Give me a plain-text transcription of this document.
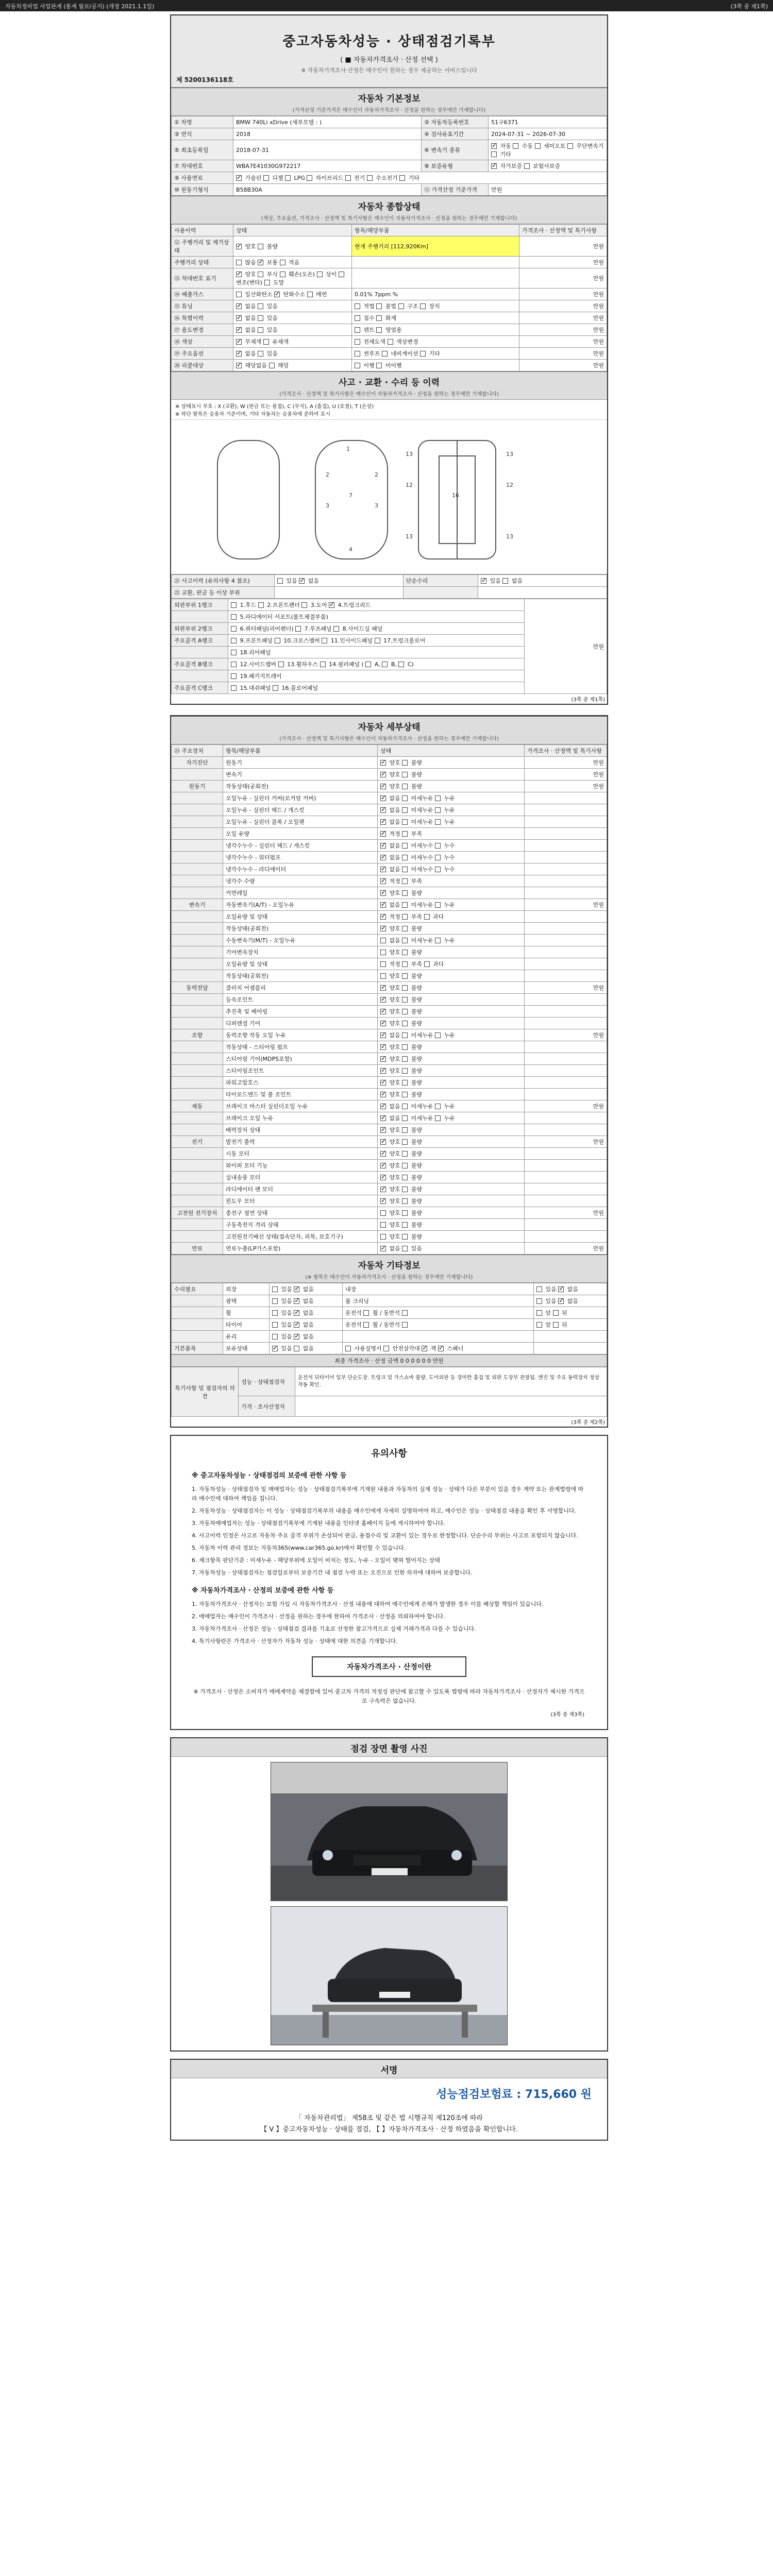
자동차정비업 사업관계 (통계 월보/공지) (개정 2021.1.1일)	(3쪽 중 제1쪽)
중고자동차성능 · 상태점검기록부
( ■ 자동차가격조사 · 산정 선택 )
※ 자동차가격조사·산정은 매수인이 원하는 경우 제공하는 서비스입니다
제 5200136118호
자동차 기본정보
(가격산정 기준가격은 매수인이 자동차가격조사 · 산정을 원하는 경우에만 기재합니다)
① 차명	BMW 740Li xDrive (세부모델 : )	② 자동차등록번호	51구6371
③ 연식	2018	④ 검사유효기간	2024-07-31 ~ 2026-07-30
⑤ 최초등록일	2018-07-31	⑥ 변속기 종류	✓ 자동  수동  세미오토  무단변속기  기타
⑦ 차대번호	WBA7E41030G972217	⑧ 보증유형	✓ 자가보증  보험사보증
⑨ 사용연료	✓ 가솔린  디젤  LPG  하이브리드  전기  수소전기  기타
⑩ 원동기형식	B58B30A	⑪ 가격산정 기준가격	만원
자동차 종합상태
(색상, 주요옵션, 가격조사 · 산정액 및 특기사항은 매수인이 자동차가격조사 · 산정을 원하는 경우에만 기재합니다)
사용이력	상태	항목/해당부품	가격조사 · 산정액 및 특기사항
⑫ 주행거리 및 계기상태	✓ 양호  불량	현재 주행거리 [112,920Km]	만원
주행거리 상태	많음 ✓ 보통  적음		만원
⑬ 차대번호 표기	✓ 양호  부식  훼손(오손)  상이  변조(변타)  도말		만원
⑭ 배출가스	일산화탄소 ✓ 탄화수소  매연	0.01% 7ppm %	만원
⑮ 튜닝	✓ 없음  있음	적법  불법  구조  장치	만원
⑯ 특별이력	✓ 없음  있음	침수  화재	만원
⑰ 용도변경	✓ 없음  있음	렌트  영업용	만원
⑱ 색상	✓ 무채색  유채색	전체도색  색상변경	만원
⑲ 주요옵션	✓ 없음  있음	썬루프  네비게이션  기타	만원
⑳ 리콜대상	✓ 해당없음  해당	이행  미이행	만원
사고 · 교환 · 수리 등 이력
(가격조사 · 산정액 및 특기사항은 매수인이 자동차가격조사 · 산정을 원하는 경우에만 기재합니다)
※ 상태표시 부호 : X (교환), W (판금 또는 용접), C (부식), A (흠집), U (요철), T (손상)
※ 하단 항목은 승용차 기준이며, 기타 자동차는 승용차에 준하여 표시
1
2	2
3	3
7
4
13	13
12	12
16
13	13
㉑ 사고이력 (유의사항 4 참조)	있음 ✓ 없음	단순수리	✓ 있음  없음
㉒ 교환, 판금 등 이상 부위			
외판부위 1랭크	1.후드  2.프론트펜더  3.도어 ✓ 4.트렁크리드	만원
	5.라디에이터 서포트(볼트체결부품)	
외판부위 2랭크	6.쿼터패널(리어펜더)  7.루프패널  8.사이드실 패널	
주요골격 A랭크	9.프론트패널  10.크로스멤버  11.인사이드패널  17.트렁크플로어	
	18.리어패널	
주요골격 B랭크	12.사이드멤버  13.휠하우스  14.필러패널 (  A,  B,  C)	
	19.패키지트레이	
주요골격 C랭크	15.대쉬패널  16.플로어패널	
(3쪽 중 제1쪽)
자동차 세부상태
(가격조사 · 산정액 및 특기사항은 매수인이 자동차가격조사 · 산정을 원하는 경우에만 기재합니다)
㉓ 주요장치	항목/해당부품	상태	가격조사 · 산정액 및 특기사항
자기진단	원동기	✓ 양호  불량	만원
	변속기	✓ 양호  불량	만원
원동기	작동상태(공회전)	✓ 양호  불량	만원
	오일누유 - 실린더 커버(로커암 커버)	✓ 없음  미세누유  누유	
	오일누유 - 실린더 헤드 / 개스킷	✓ 없음  미세누유  누유	
	오일누유 - 실린더 블록 / 오일팬	✓ 없음  미세누유  누유	
	오일 유량	✓ 적정  부족	
	냉각수누수 - 실린더 헤드 / 개스킷	✓ 없음  미세누수  누수	
	냉각수누수 - 워터펌프	✓ 없음  미세누수  누수	
	냉각수누수 - 라디에이터	✓ 없음  미세누수  누수	
	냉각수 수량	✓ 적정  부족	
	커먼레일	✓ 양호  불량	
변속기	자동변속기(A/T) - 오일누유	✓ 없음  미세누유  누유	만원
	오일유량 및 상태	✓ 적정  부족  과다	
	작동상태(공회전)	✓ 양호  불량	
	수동변속기(M/T) - 오일누유	없음  미세누유  누유	
	기어변속장치	양호  불량	
	오일유량 및 상태	적정  부족  과다	
	작동상태(공회전)	양호  불량	
동력전달	클러치 어셈블리	✓ 양호  불량	만원
	등속조인트	✓ 양호  불량	
	추진축 및 베어링	✓ 양호  불량	
	디퍼렌셜 기어	✓ 양호  불량	
조향	동력조향 작동 오일 누유	✓ 없음  미세누유  누유	만원
	작동상태 - 스티어링 펌프	✓ 양호  불량	
	스티어링 기어(MDPS포함)	✓ 양호  불량	
	스티어링조인트	✓ 양호  불량	
	파워고압호스	✓ 양호  불량	
	타이로드엔드 및 볼 조인트	✓ 양호  불량	
제동	브레이크 마스터 실린더오일 누유	✓ 없음  미세누유  누유	만원
	브레이크 오일 누유	✓ 없음  미세누유  누유	
	배력장치 상태	✓ 양호  불량	
전기	발전기 출력	✓ 양호  불량	만원
	시동 모터	✓ 양호  불량	
	와이퍼 모터 기능	✓ 양호  불량	
	실내송풍 모터	✓ 양호  불량	
	라디에이터 팬 모터	✓ 양호  불량	
	윈도우 모터	✓ 양호  불량	
고전원 전기장치	충전구 절연 상태	양호  불량	만원
	구동축전지 격리 상태	양호  불량	
	고전원전기배선 상태(접속단자, 피복, 보호기구)	양호  불량	
연료	연료누출(LP가스포함)	✓ 없음  있음	만원
자동차 기타정보
(※ 항목은 매수인이 자동차가격조사 · 산정을 원하는 경우에만 기재합니다)
수리필요	외장	있음 ✓ 없음	내장	있음 ✓ 없음
	광택	있음 ✓ 없음	룸 크리닝	있음 ✓ 없음
	휠	있음 ✓ 없음	운전석  휠 / 동반석	앞  뒤
	타이어	있음 ✓ 없음	운전석  휠 / 동반석	앞  뒤
	유리	있음 ✓ 없음		
기본품목	보유상태	✓ 있음  없음	사용설명서  안전삼각대 ✓ 잭 ✓ 스패너	
최종 가격조사 · 산정 금액 0 0 0 0 0 0 만원
특기사항 및 점검자의 의견	성능 · 상태점검자	운전석 뒤타이어 일부 단순도장. 트렁크 및 가스쇼바 불량. 도어외판 등 경미한 흠집 및 외판 도장부 관찰됨. 엔진 및 주요 동력장치 정상 작동 확인.
	가격 · 조사산정자	
(3쪽 중 제2쪽)
유의사항
※ 중고자동차성능 · 상태점검의 보증에 관한 사항 등

1. 자동차성능 · 상태점검자 및 매매업자는 성능 · 상태점검기록부에 기재된 내용과 자동차의 실제 성능 · 상태가 다른 부분이 있을 경우 계약 또는 관계법령에 따라 매수인에 대하여 책임을 집니다.

2. 자동차성능 · 상태점검자는 이 성능 · 상태점검기록부의 내용을 매수인에게 자세히 설명하여야 하고, 매수인은 성능 · 상태점검 내용을 확인 후 서명합니다.

3. 자동차매매업자는 성능 · 상태점검기록부에 기재된 내용을 인터넷 홈페이지 등에 게시하여야 합니다.

4. 사고이력 인정은 사고로 자동차 주요 골격 부위가 손상되어 판금, 용접수리 및 교환이 있는 경우로 한정합니다. 단순수리 부위는 사고로 포함되지 않습니다.

5. 자동차 이력 관리 정보는 자동차365(www.car365.go.kr)에서 확인할 수 있습니다.

6. 체크항목 판단기준 : 미세누유 - 해당부위에 오일이 비치는 정도, 누유 - 오일이 맺혀 떨어지는 상태

7. 자동차성능 · 상태점검자는 점검일로부터 보증기간 내 점검 누락 또는 오진으로 인한 하자에 대하여 보증합니다.

※ 자동차가격조사 · 산정의 보증에 관한 사항 등

1. 자동차가격조사 · 산정자는 보험 가입 시 자동차가격조사 · 산정 내용에 대하여 매수인에게 손해가 발생한 경우 이를 배상할 책임이 있습니다.

2. 매매업자는 매수인이 가격조사 · 산정을 원하는 경우에 한하여 가격조사 · 산정을 의뢰하여야 합니다.

3. 자동차가격조사 · 산정은 성능 · 상태점검 결과를 기초로 산정한 참고가격으로 실제 거래가격과 다를 수 있습니다.

4. 특기사항란은 가격조사 · 산정자가 자동차 성능 · 상태에 대한 의견을 기재합니다.

자동차가격조사 · 산정이란

※ 가격조사 · 산정은 소비자가 매매계약을 체결함에 있어 중고차 가격의 적정성 판단에 참고할 수 있도록 법령에 따라 자동차가격조사 · 산정자가 제시한 가격으로 구속력은 없습니다.

(3쪽 중 제3쪽)
점검 장면 촬영 사진
서명
성능점검보험료 : 715,660 원
「 자동차관리법」 제58조 및 같은 법 시행규칙 제120조에 따라
【 V 】중고자동차성능 · 상태를 점검, 【 】자동차가격조사 · 산정 하였음을 확인합니다.
